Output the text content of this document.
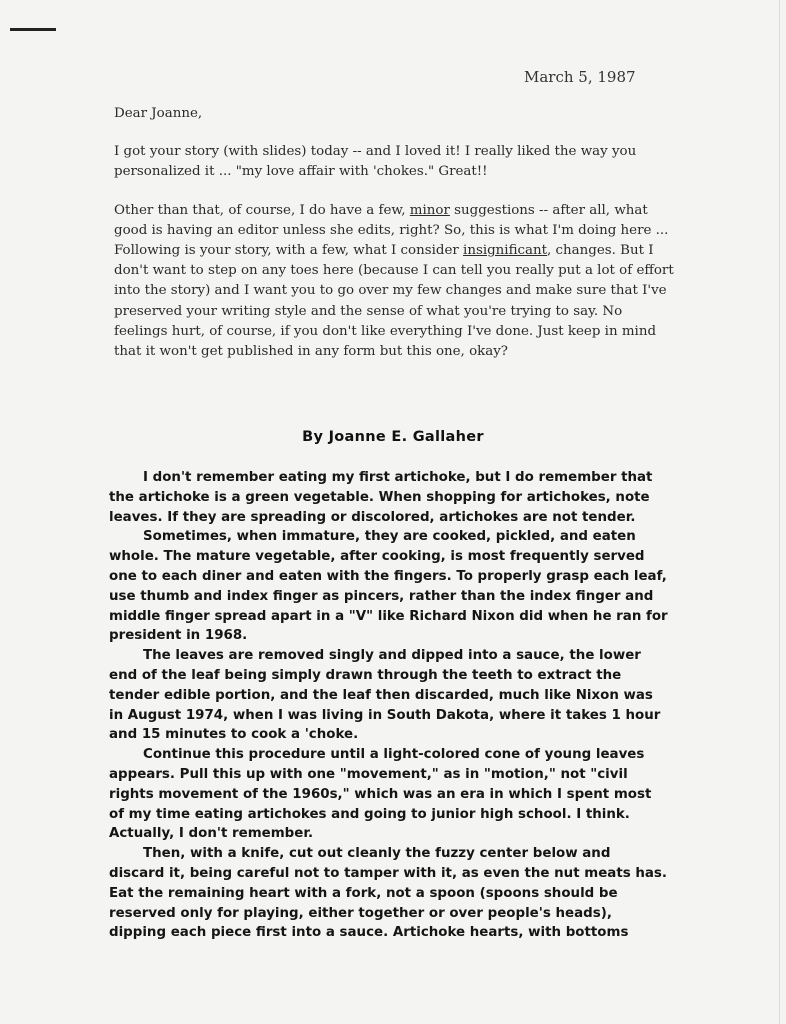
March 5, 1987

Dear Joanne,

I got your story (with slides) today -- and I loved it! I really liked the way you personalized it ... "my love affair with 'chokes." Great!!

Other than that, of course, I do have a few, minor suggestions -- after all, what good is having an editor unless she edits, right? So, this is what I'm doing here ... Following is your story, with a few, what I consider insignificant, changes. But I don't want to step on any toes here (because I can tell you really put a lot of effort into the story) and I want you to go over my few changes and make sure that I've preserved your writing style and the sense of what you're trying to say. No feelings hurt, of course, if you don't like everything I've done. Just keep in mind that it won't get published in any form but this one, okay?

By Joanne E. Gallaher

I don't remember eating my first artichoke, but I do remember that the artichoke is a green vegetable. When shopping for artichokes, note leaves. If they are spreading or discolored, artichokes are not tender.

Sometimes, when immature, they are cooked, pickled, and eaten whole. The mature vegetable, after cooking, is most frequently served one to each diner and eaten with the fingers. To properly grasp each leaf, use thumb and index finger as pincers, rather than the index finger and middle finger spread apart in a "V" like Richard Nixon did when he ran for president in 1968.

The leaves are removed singly and dipped into a sauce, the lower end of the leaf being simply drawn through the teeth to extract the tender edible portion, and the leaf then discarded, much like Nixon was in August 1974, when I was living in South Dakota, where it takes 1 hour and 15 minutes to cook a 'choke.

Continue this procedure until a light-colored cone of young leaves appears. Pull this up with one "movement," as in "motion," not "civil rights movement of the 1960s," which was an era in which I spent most of my time eating artichokes and going to junior high school. I think. Actually, I don't remember.

Then, with a knife, cut out cleanly the fuzzy center below and discard it, being careful not to tamper with it, as even the nut meats has. Eat the remaining heart with a fork, not a spoon (spoons should be reserved only for playing, either together or over people's heads), dipping each piece first into a sauce. Artichoke hearts, with bottoms
